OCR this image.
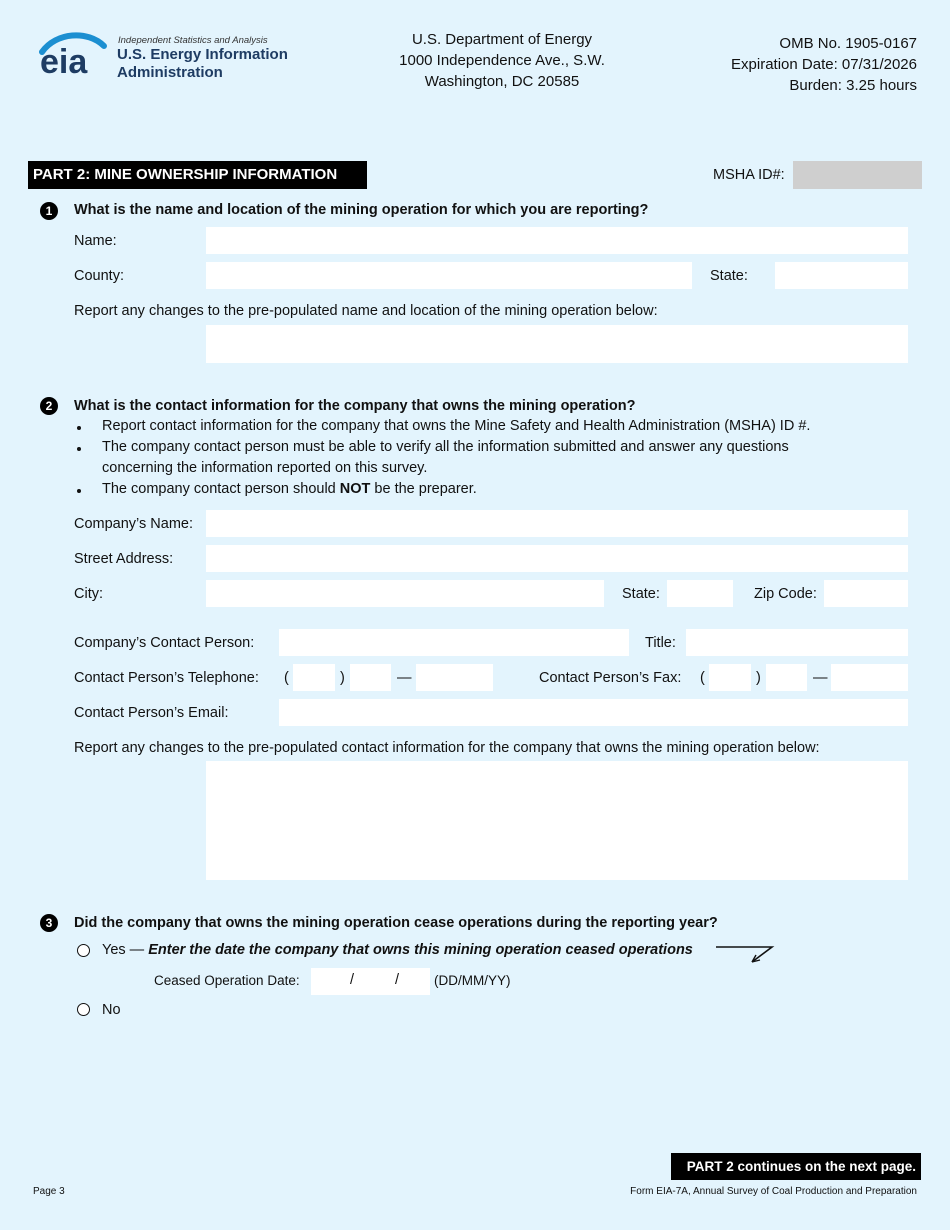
eia
Independent Statistics and Analysis
U.S. Energy Information
Administration
U.S. Department of Energy
1000 Independence Ave., S.W.
Washington, DC 20585
OMB No. 1905-0167
Expiration Date: 07/31/2026
Burden: 3.25 hours
PART 2: MINE OWNERSHIP INFORMATION	MSHA ID#:
1	What is the name and location of the mining operation for which you are reporting?
Name:
County:	State:
Report any changes to the pre-populated name and location of the mining operation below:
2	What is the contact information for the company that owns the mining operation?
Report contact information for the company that owns the Mine Safety and Health Administration (MSHA) ID #.
The company contact person must be able to verify all the information submitted and answer any questions
concerning the information reported on this survey.
The company contact person should NOT be the preparer.
Company’s Name:
Street Address:
City:	State:	Zip Code:
Company’s Contact Person:	Title:
Contact Person’s Telephone: (	)	—	Contact Person’s Fax: (	)	—
Contact Person’s Email:
Report any changes to the pre-populated contact information for the company that owns the mining operation below:
3	Did the company that owns the mining operation cease operations during the reporting year?
Yes — Enter the date the company that owns this mining operation ceased operations
Ceased Operation Date:	/	/	(DD/MM/YY)
No
PART 2 continues on the next page.
Page 3	Form EIA-7A, Annual Survey of Coal Production and Preparation
